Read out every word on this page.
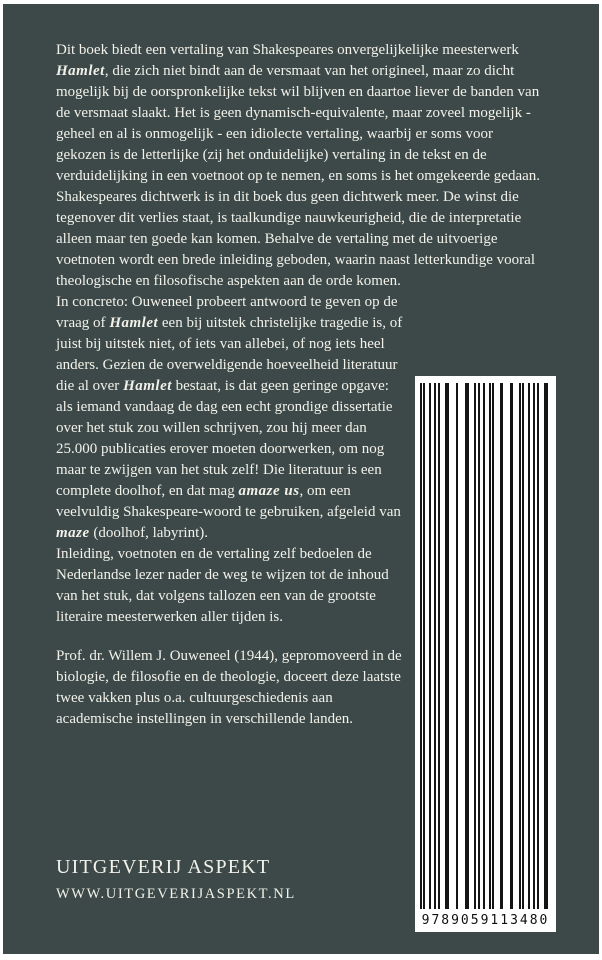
Dit boek biedt een vertaling van Shakespeares onvergelijkelijke meesterwerk Hamlet, die zich niet bindt aan de versmaat van het origineel, maar zo dicht mogelijk bij de oorspronkelijke tekst wil blijven en daartoe liever de banden van de versmaat slaakt. Het is geen dynamisch-equivalente, maar zoveel mogelijk - geheel en al is onmogelijk - een idiolecte vertaling, waarbij er soms voor gekozen is de letterlijke (zij het onduidelijke) vertaling in de tekst en de verduidelijking in een voetnoot op te nemen, en soms is het omgekeerde gedaan. Shakespeares dichtwerk is in dit boek dus geen dichtwerk meer. De winst die tegenover dit verlies staat, is taalkundige nauwkeurigheid, die de interpretatie alleen maar ten goede kan komen. Behalve de vertaling met de uitvoerige voetnoten wordt een brede inleiding geboden, waarin naast letterkundige vooral theologische en filosofische aspekten aan de orde komen.

In concreto: Ouweneel probeert antwoord te geven op de vraag of Hamlet een bij uitstek christelijke tragedie is, of juist bij uitstek niet, of iets van allebei, of nog iets heel anders. Gezien de overweldigende hoeveelheid literatuur die al over Hamlet bestaat, is dat geen geringe opgave: als iemand vandaag de dag een echt grondige dissertatie over het stuk zou willen schrijven, zou hij meer dan 25.000 publicaties erover moeten doorwerken, om nog maar te zwijgen van het stuk zelf! Die literatuur is een complete doolhof, en dat mag amaze us, om een veelvuldig Shakespeare-woord te gebruiken, afgeleid van maze (doolhof, labyrint).

Inleiding, voetnoten en de vertaling zelf bedoelen de Nederlandse lezer nader de weg te wijzen tot de inhoud van het stuk, dat volgens tallozen een van de grootste literaire meesterwerken aller tijden is.

Prof. dr. Willem J. Ouweneel (1944), gepromoveerd in de biologie, de filosofie en de theologie, doceert deze laatste twee vakken plus o.a. cultuurgeschiedenis aan academische instellingen in verschillende landen.

UITGEVERIJ ASPEKT
WWW.UITGEVERIJASPEKT.NL
9789059113480
